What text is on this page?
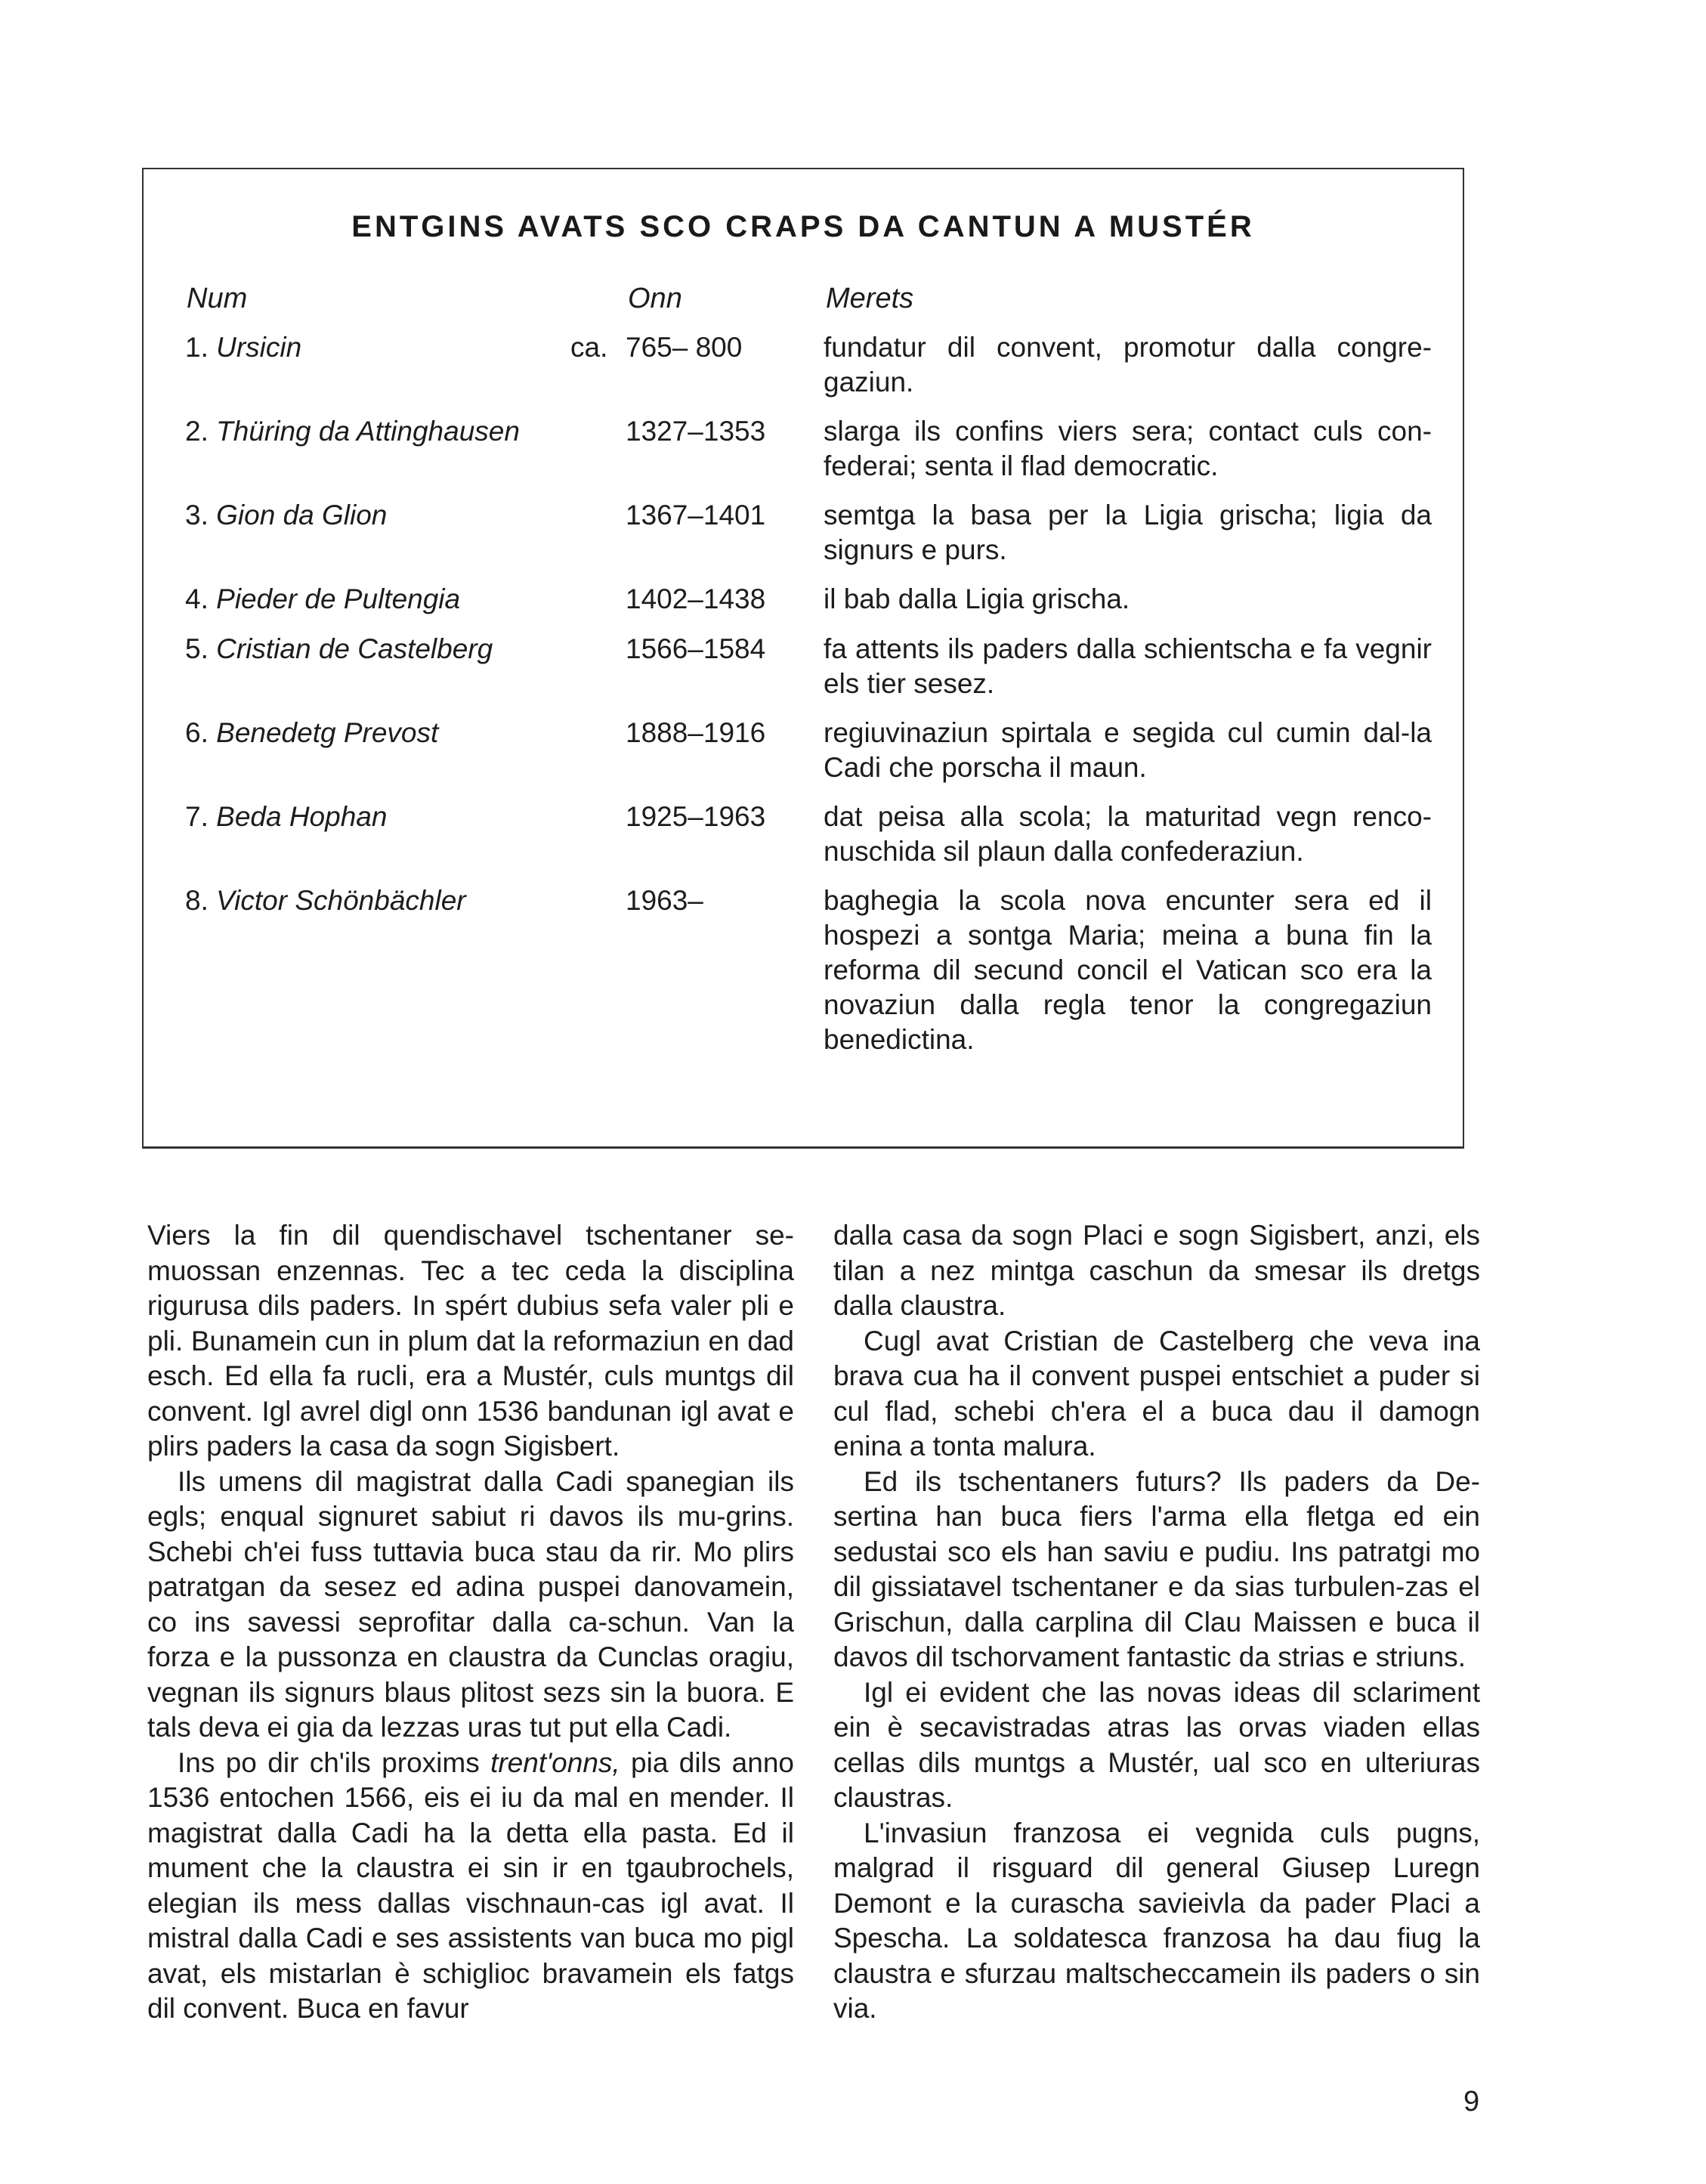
ENTGINS AVATS SCO CRAPS DA CANTUN A MUSTÉR
Num	Onn	Merets
1. Ursicin	ca. 765– 800	fundatur dil convent, promotur dalla congre-gaziun.
2. Thüring da Attinghausen	1327–1353 slarga ils confins viers sera; contact culs con-federai; senta il flad democratic.
3. Gion da Glion	1367–1401 semtga la basa per la Ligia grischa; ligia da signurs e purs.
4. Pieder de Pultengia	1402–1438 il bab dalla Ligia grischa.
5. Cristian de Castelberg	1566–1584 fa attents ils paders dalla schientscha e fa vegnir els tier sesez.
6. Benedetg Prevost	1888–1916 regiuvinaziun spirtala e segida cul cumin dal-la Cadi che porscha il maun.
7. Beda Hophan	1925–1963 dat peisa alla scola; la maturitad vegn renco-nuschida sil plaun dalla confederaziun.
8. Victor Schönbächler	1963–	baghegia la scola nova encunter sera ed il hospezi a sontga Maria; meina a buna fin la reforma dil secund concil el Vatican sco era la novaziun dalla regla tenor la congregaziun benedictina.

Viers la fin dil quendischavel tschentaner se-muossan enzennas. Tec a tec ceda la disciplina rigurusa dils paders. In spért dubius sefa valer pli e pli. Bunamein cun in plum dat la reformaziun en dad esch. Ed ella fa rucli, era a Mustér, culs muntgs dil convent. Igl avrel digl onn 1536 bandunan igl avat e plirs paders la casa da sogn Sigisbert.

Ils umens dil magistrat dalla Cadi spanegian ils egls; enqual signuret sabiut ri davos ils mu-grins. Schebi ch'ei fuss tuttavia buca stau da rir. Mo plirs patratgan da sesez ed adina puspei danovamein, co ins savessi seprofitar dalla ca-schun. Van la forza e la pussonza en claustra da Cunclas oragiu, vegnan ils signurs blaus plitost sezs sin la buora. E tals deva ei gia da lezzas uras tut put ella Cadi.

Ins po dir ch'ils proxims trent'onns, pia dils anno 1536 entochen 1566, eis ei iu da mal en mender. Il magistrat dalla Cadi ha la detta ella pasta. Ed il mument che la claustra ei sin ir en tgaubrochels, elegian ils mess dallas vischnaun-cas igl avat. Il mistral dalla Cadi e ses assistents van buca mo pigl avat, els mistarlan è schiglioc bravamein els fatgs dil convent. Buca en favur

dalla casa da sogn Placi e sogn Sigisbert, anzi, els tilan a nez mintga caschun da smesar ils dretgs dalla claustra.

Cugl avat Cristian de Castelberg che veva ina brava cua ha il convent puspei entschiet a puder si cul flad, schebi ch'era el a buca dau il damogn enina a tonta malura.

Ed ils tschentaners futurs? Ils paders da De-sertina han buca fiers l'arma ella fletga ed ein sedustai sco els han saviu e pudiu. Ins patratgi mo dil gissiatavel tschentaner e da sias turbulen-zas el Grischun, dalla carplina dil Clau Maissen e buca il davos dil tschorvament fantastic da strias e striuns.

Igl ei evident che las novas ideas dil sclariment ein è secavistradas atras las orvas viaden ellas cellas dils muntgs a Mustér, ual sco en ulteriuras claustras.

L'invasiun franzosa ei vegnida culs pugns, malgrad il risguard dil general Giusep Luregn Demont e la curascha savieivla da pader Placi a Spescha. La soldatesca franzosa ha dau fiug la claustra e sfurzau maltscheccamein ils paders o sin via.

9
